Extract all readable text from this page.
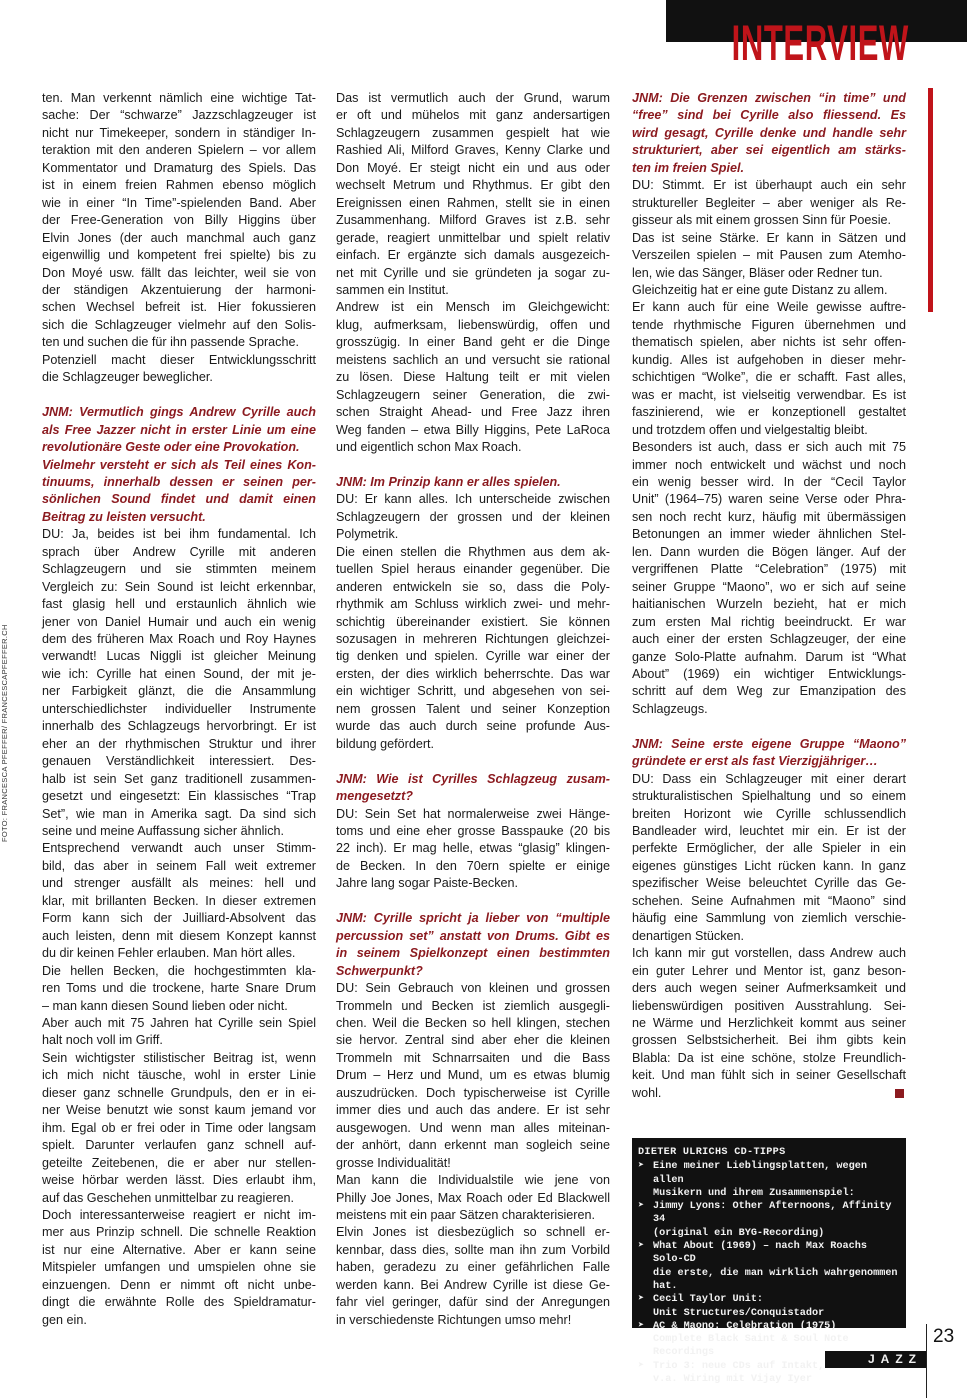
INTERVIEW
FOTO: FRANCESCA PFEFFER/ FRANCESCAPFEFFER.CH

ten. Man verkennt nämlich eine wichtige Tat-
sache: Der “schwarze” Jazzschlagzeuger ist
nicht nur Timekeeper, sondern in ständiger In-
teraktion mit den anderen Spielern – vor allem
Kommentator und Dramaturg des Spiels. Das
ist in einem freien Rahmen ebenso möglich
wie in einer “In Time”-spielenden Band. Aber
der Free-Generation von Billy Higgins über
Elvin Jones (der auch manchmal auch ganz
eigenwillig und kompetent frei spielte) bis zu
Don Moyé usw. fällt das leichter, weil sie von
der ständigen Akzentuierung der harmoni-
schen Wechsel befreit ist. Hier fokussieren
sich die Schlagzeuger vielmehr auf den Solis-
ten und suchen die für ihn passende Sprache.
Potenziell macht dieser Entwicklungsschritt
die Schlagzeuger beweglicher.

JNM: Vermutlich gings Andrew Cyrille auch
als Free Jazzer nicht in erster Linie um eine
revolutionäre Geste oder eine Provokation.
Vielmehr versteht er sich als Teil eines Kon-
tinuums, innerhalb dessen er seinen per-
sönlichen Sound findet und damit einen
Beitrag zu leisten versucht.

DU: Ja, beides ist bei ihm fundamental. Ich
sprach über Andrew Cyrille mit anderen
Schlagzeugern und sie stimmten meinem
Vergleich zu: Sein Sound ist leicht erkennbar,
fast glasig hell und erstaunlich ähnlich wie
jener von Daniel Humair und auch ein wenig
dem des früheren Max Roach und Roy Haynes
verwandt! Lucas Niggli ist gleicher Meinung
wie ich: Cyrille hat einen Sound, der mit je-
ner Farbigkeit glänzt, die die Ansammlung
unterschiedlichster individueller Instrumente
innerhalb des Schlagzeugs hervorbringt. Er ist
eher an der rhythmischen Struktur und ihrer
genauen Verständlichkeit interessiert. Des-
halb ist sein Set ganz traditionell zusammen-
gesetzt und eingesetzt: Ein klassisches “Trap
Set”, wie man in Amerika sagt. Da sind sich
seine und meine Auffassung sicher ähnlich.
Entsprechend verwandt auch unser Stimm-
bild, das aber in seinem Fall weit extremer
und strenger ausfällt als meines: hell und
klar, mit brillanten Becken. In dieser extremen
Form kann sich der Juilliard-Absolvent das
auch leisten, denn mit diesem Konzept kannst
du dir keinen Fehler erlauben. Man hört alles.
Die hellen Becken, die hochgestimmten kla-
ren Toms und die trockene, harte Snare Drum
– man kann diesen Sound lieben oder nicht.
Aber auch mit 75 Jahren hat Cyrille sein Spiel
halt noch voll im Griff.
Sein wichtigster stilistischer Beitrag ist, wenn
ich mich nicht täusche, wohl in erster Linie
dieser ganz schnelle Grundpuls, den er in ei-
ner Weise benutzt wie sonst kaum jemand vor
ihm. Egal ob er frei oder in Time oder langsam
spielt. Darunter verlaufen ganz schnell auf-
geteilte Zeitebenen, die er aber nur stellen-
weise hörbar werden lässt. Dies erlaubt ihm,
auf das Geschehen unmittelbar zu reagieren.
Doch interessanterweise reagiert er nicht im-
mer aus Prinzip schnell. Die schnelle Reaktion
ist nur eine Alternative. Aber er kann seine
Mitspieler umfangen und umspielen ohne sie
einzuengen. Denn er nimmt oft nicht unbe-
dingt die erwähnte Rolle des Spieldramatur-
gen ein.

Das ist vermutlich auch der Grund, warum
er oft und mühelos mit ganz andersartigen
Schlagzeugern zusammen gespielt hat wie
Rashied Ali, Milford Graves, Kenny Clarke und
Don Moyé. Er steigt nicht ein und aus oder
wechselt Metrum und Rhythmus. Er gibt den
Ereignissen einen Rahmen, stellt sie in einen
Zusammenhang. Milford Graves ist z.B. sehr
gerade, reagiert unmittelbar und spielt relativ
einfach. Er ergänzte sich damals ausgezeich-
net mit Cyrille und sie gründeten ja sogar zu-
sammen ein Institut.
Andrew ist ein Mensch im Gleichgewicht:
klug, aufmerksam, liebenswürdig, offen und
grosszügig. In einer Band geht er die Dinge
meistens sachlich an und versucht sie rational
zu lösen. Diese Haltung teilt er mit vielen
Schlagzeugern seiner Generation, die zwi-
schen Straight Ahead- und Free Jazz ihren
Weg fanden – etwa Billy Higgins, Pete LaRoca
und eigentlich schon Max Roach.

JNM: Im Prinzip kann er alles spielen.

DU: Er kann alles. Ich unterscheide zwischen
Schlagzeugern der grossen und der kleinen
Polymetrik.
Die einen stellen die Rhythmen aus dem ak-
tuellen Spiel heraus einander gegenüber. Die
anderen entwickeln sie so, dass die Poly-
rhythmik am Schluss wirklich zwei- und mehr-
schichtig übereinander existiert. Sie können
sozusagen in mehreren Richtungen gleichzei-
tig denken und spielen. Cyrille war einer der
ersten, der dies wirklich beherrschte. Das war
ein wichtiger Schritt, und abgesehen von sei-
nem grossen Talent und seiner Konzeption
wurde das auch durch seine profunde Aus-
bildung gefördert.

JNM: Wie ist Cyrilles Schlagzeug zusam-
mengesetzt?

DU: Sein Set hat normalerweise zwei Hänge-
toms und eine eher grosse Basspauke (20 bis
22 inch). Er mag helle, etwas “glasig” klingen-
de Becken. In den 70ern spielte er einige
Jahre lang sogar Paiste-Becken.

JNM: Cyrille spricht ja lieber von “multiple
percussion set” anstatt von Drums. Gibt es
in seinem Spielkonzept einen bestimmten
Schwerpunkt?

DU: Sein Gebrauch von kleinen und grossen
Trommeln und Becken ist ziemlich ausgegli-
chen. Weil die Becken so hell klingen, stechen
sie hervor. Zentral sind aber eher die kleinen
Trommeln mit Schnarrsaiten und die Bass
Drum – Herz und Mund, um es etwas blumig
auszudrücken. Doch typischerweise ist Cyrille
immer dies und auch das andere. Er ist sehr
ausgewogen. Und wenn man alles miteinan-
der anhört, dann erkennt man sogleich seine
grosse Individualität!
Man kann die Individualstile wie jene von
Philly Joe Jones, Max Roach oder Ed Blackwell
meistens mit ein paar Sätzen charakterisieren.
Elvin Jones ist diesbezüglich so schnell er-
kennbar, dass dies, sollte man ihn zum Vorbild
haben, geradezu zu einer gefährlichen Falle
werden kann. Bei Andrew Cyrille ist diese Ge-
fahr viel geringer, dafür sind der Anregungen
in verschiedenste Richtungen umso mehr!

JNM: Die Grenzen zwischen “in time” und
“free” sind bei Cyrille also fliessend. Es
wird gesagt, Cyrille denke und handle sehr
strukturiert, aber sei eigentlich am stärks-
ten im freien Spiel.

DU: Stimmt. Er ist überhaupt auch ein sehr
struktureller Begleiter – aber weniger als Re-
gisseur als mit einem grossen Sinn für Poesie.
Das ist seine Stärke. Er kann in Sätzen und
Verszeilen spielen – mit Pausen zum Atemho-
len, wie das Sänger, Bläser oder Redner tun.
Gleichzeitig hat er eine gute Distanz zu allem.
Er kann auch für eine Weile gewisse auftre-
tende rhythmische Figuren übernehmen und
thematisch spielen, aber nichts ist sehr offen-
kundig. Alles ist aufgehoben in dieser mehr-
schichtigen “Wolke”, die er schafft. Fast alles,
was er macht, ist vielseitig verwendbar. Es ist
faszinierend, wie er konzeptionell gestaltet
und trotzdem offen und vielgestaltig bleibt.
Besonders ist auch, dass er sich auch mit 75
immer noch entwickelt und wächst und noch
ein wenig besser wird. In der “Cecil Taylor
Unit” (1964–75) waren seine Verse oder Phra-
sen noch recht kurz, häufig mit übermässigen
Betonungen an immer wieder ähnlichen Stel-
len. Dann wurden die Bögen länger. Auf der
vergriffenen Platte “Celebration” (1975) mit
seiner Gruppe “Maono”, wo er sich auf seine
haitianischen Wurzeln bezieht, hat er mich
zum ersten Mal richtig beeindruckt. Er war
auch einer der ersten Schlagzeuger, der eine
ganze Solo-Platte aufnahm. Darum ist “What
About” (1969) ein wichtiger Entwicklungs-
schritt auf dem Weg zur Emanzipation des
Schlagzeugs.

JNM: Seine erste eigene Gruppe “Maono”
gründete er erst als fast Vierzigjähriger…

DU: Dass ein Schlagzeuger mit einer derart
strukturalistischen Spielhaltung und so einem
breiten Horizont wie Cyrille schlussendlich
Bandleader wird, leuchtet mir ein. Er ist der
perfekte Ermöglicher, der alle Spieler in ein
eigenes günstiges Licht rücken kann. In ganz
spezifischer Weise beleuchtet Cyrille das Ge-
schehen. Seine Aufnahmen mit “Maono” sind
häufig eine Sammlung von ziemlich verschie-
denartigen Stücken.
Ich kann mir gut vorstellen, dass Andrew auch
ein guter Lehrer und Mentor ist, ganz beson-
ders auch wegen seiner Aufmerksamkeit und
liebenswürdigen positiven Ausstrahlung. Sei-
ne Wärme und Herzlichkeit kommt aus seiner
grossen Selbstsicherheit. Bei ihm gibts kein
Blabla: Da ist eine schöne, stolze Freundlich-
keit. Und man fühlt sich in seiner Gesellschaft
wohl.

DIETER ULRICHS CD-TIPPS
➤ Eine meiner Lieblingsplatten, wegen allen
Musikern und ihrem Zusammenspiel:
➤ Jimmy Lyons: Other Afternoons, Affinity 34
(original ein BYG-Recording)
➤ What About (1969) – nach Max Roachs Solo-CD
die erste, die man wirklich wahrgenommen hat.
➤ Cecil Taylor Unit:
Unit Structures/Conquistador
➤ AC & Maono: Celebration (1975)
Complete Black Saint & Soul Note Recordings
➤ Trio 3: neue CDs auf Intakt,
v.a. Wiring mit Vijay Iyer
23
JAZZ
